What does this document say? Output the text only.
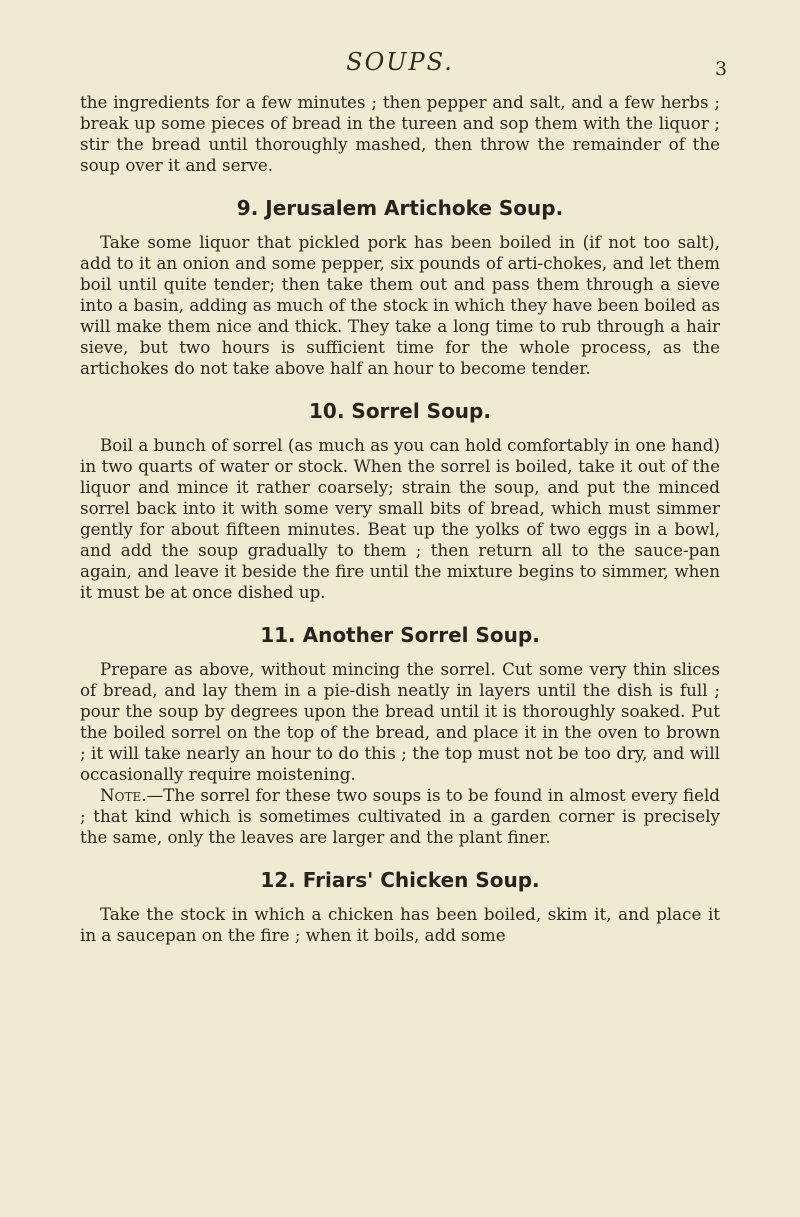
SOUPS.	3

the ingredients for a few minutes ; then pepper and salt, and a few herbs ; break up some pieces of bread in the tureen and sop them with the liquor ; stir the bread until thoroughly mashed, then throw the remainder of the soup over it and serve.

9. Jerusalem Artichoke Soup.

Take some liquor that pickled pork has been boiled in (if not too salt), add to it an onion and some pepper, six pounds of arti-chokes, and let them boil until quite tender; then take them out and pass them through a sieve into a basin, adding as much of the stock in which they have been boiled as will make them nice and thick. They take a long time to rub through a hair sieve, but two hours is sufficient time for the whole process, as the artichokes do not take above half an hour to become tender.

10. Sorrel Soup.

Boil a bunch of sorrel (as much as you can hold comfortably in one hand) in two quarts of water or stock. When the sorrel is boiled, take it out of the liquor and mince it rather coarsely; strain the soup, and put the minced sorrel back into it with some very small bits of bread, which must simmer gently for about fifteen minutes. Beat up the yolks of two eggs in a bowl, and add the soup gradually to them ; then return all to the sauce-pan again, and leave it beside the fire until the mixture begins to simmer, when it must be at once dished up.

11. Another Sorrel Soup.

Prepare as above, without mincing the sorrel. Cut some very thin slices of bread, and lay them in a pie-dish neatly in layers until the dish is full ; pour the soup by degrees upon the bread until it is thoroughly soaked. Put the boiled sorrel on the top of the bread, and place it in the oven to brown ; it will take nearly an hour to do this ; the top must not be too dry, and will occasionally require moistening.

Note.—The sorrel for these two soups is to be found in almost every field ; that kind which is sometimes cultivated in a garden corner is precisely the same, only the leaves are larger and the plant finer.

12. Friars' Chicken Soup.

Take the stock in which a chicken has been boiled, skim it, and place it in a saucepan on the fire ; when it boils, add some
